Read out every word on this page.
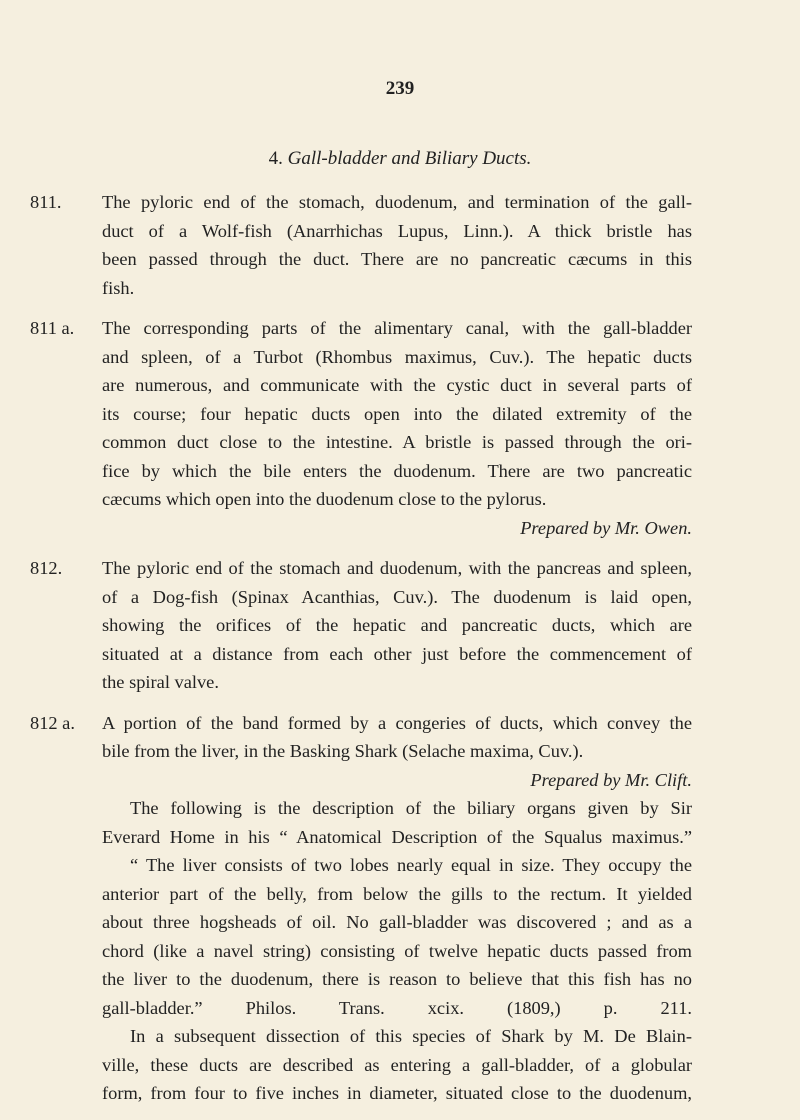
239
4. Gall-bladder and Biliary Ducts.
811. The pyloric end of the stomach, duodenum, and termination of the gall-
duct of a Wolf-fish (Anarrhichas Lupus, Linn.). A thick bristle has
been passed through the duct. There are no pancreatic cæcums in this
fish.
811 a. The corresponding parts of the alimentary canal, with the gall-bladder
and spleen, of a Turbot (Rhombus maximus, Cuv.). The hepatic ducts
are numerous, and communicate with the cystic duct in several parts of
its course; four hepatic ducts open into the dilated extremity of the
common duct close to the intestine. A bristle is passed through the ori-
fice by which the bile enters the duodenum. There are two pancreatic
cæcums which open into the duodenum close to the pylorus.
Prepared by Mr. Owen.
812. The pyloric end of the stomach and duodenum, with the pancreas and spleen,
of a Dog-fish (Spinax Acanthias, Cuv.). The duodenum is laid open,
showing the orifices of the hepatic and pancreatic ducts, which are
situated at a distance from each other just before the commencement of
the spiral valve.
812 a. A portion of the band formed by a congeries of ducts, which convey the
bile from the liver, in the Basking Shark (Selache maxima, Cuv.).
Prepared by Mr. Clift.
The following is the description of the biliary organs given by Sir
Everard Home in his “ Anatomical Description of the Squalus maximus.”
“ The liver consists of two lobes nearly equal in size. They occupy the
anterior part of the belly, from below the gills to the rectum. It yielded
about three hogsheads of oil. No gall-bladder was discovered ; and as a
chord (like a navel string) consisting of twelve hepatic ducts passed from
the liver to the duodenum, there is reason to believe that this fish has no
gall-bladder.” Philos. Trans. xcix. (1809,) p. 211.
In a subsequent dissection of this species of Shark by M. De Blain-
ville, these ducts are described as entering a gall-bladder, of a globular
form, from four to five inches in diameter, situated close to the duodenum,
